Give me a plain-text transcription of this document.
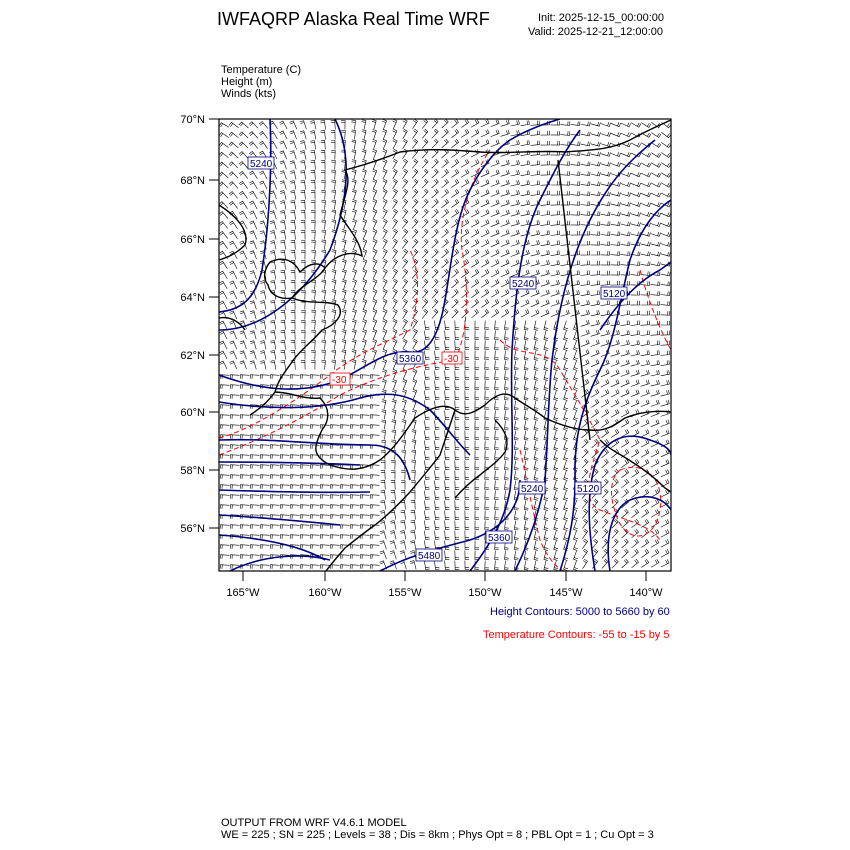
70°N
68°N
66°N
64°N
62°N
60°N
58°N
56°N
165°W	160°W	155°W	150°W	145°W	140°W
5240
5240
5120
5360
5240	5120
5360
5480
-30
-30
IWFAQRP Alaska Real Time WRF	Init: 2025-12-15_00:00:00
Valid: 2025-12-21_12:00:00
Temperature (C)
Height (m)
Winds (kts)
Height Contours: 5000 to 5660 by 60
Temperature Contours: -55 to -15 by 5
OUTPUT FROM WRF V4.6.1 MODEL
WE = 225 ; SN = 225 ; Levels = 38 ; Dis = 8km ; Phys Opt = 8 ; PBL Opt = 1 ; Cu Opt = 3
